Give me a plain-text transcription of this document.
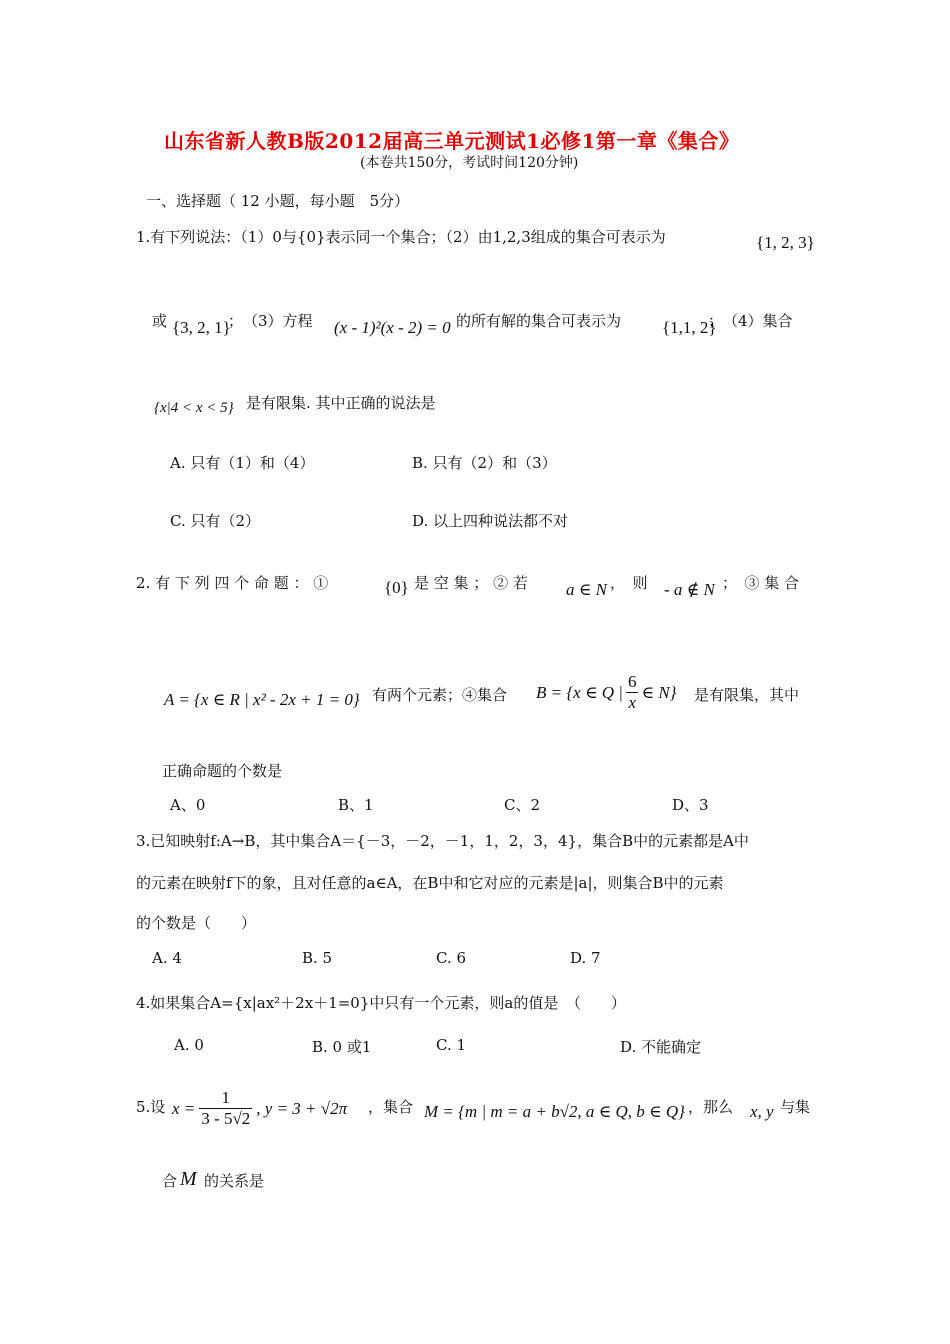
山东省新人教B版2012届高三单元测试1必修1第一章《集合》
(本卷共150分，考试时间120分钟)
一、选择题（ 12 小题，每小题　5分）
1.有下列说法：（1）0与{0}表示同一个集合；（2）由1,2,3组成的集合可表示为	{1, 2, 3}
或 {3, 2, 1}
；　（3）方程 (x - 1)²(x - 2) = 0 的所有解的集合可表示为 {1,1, 2}
；　（4）集合
{x|4 < x < 5} 是有限集. 其中正确的说法是
A. 只有（1）和（4）	B. 只有（2）和（3）
C. 只有（2）	D. 以上四种说法都不对
2. 有 下 列 四 个 命 题 ： ①	{0} 是 空 集 ； ② 若 a ∈ N ，　则 - a ∉ N ；　③ 集 合
A = {x ∈ R | x² - 2x + 1 = 0} 有两个元素；④集合 B = {x ∈ Q | $\frac{6}{x}$ ∈ N} 是有限集，其中
正确命题的个数是
A、0	B、1	C、2	D、3
3.已知映射f:A→B，其中集合A＝{－3，－2，－1，1，2，3，4}，集合B中的元素都是A中
的元素在映射f下的象，且对任意的a∈A，在B中和它对应的元素是|a|，则集合B中的元素
的个数是（　　）
A. 4	B. 5	C. 6	D. 7
4.如果集合A={x|ax²＋2x＋1=0}中只有一个元素，则a的值是　（　　）
A. 0	B. 0 或1	C. 1	D. 不能确定
5.设 $x = \frac{1}{3 - 5√2}$ , y = 3 + √2π ，集合 M = {m | m = a + b√2, a ∈ Q, b ∈ Q} ，那么 x, y 与集
合 M 的关系是
